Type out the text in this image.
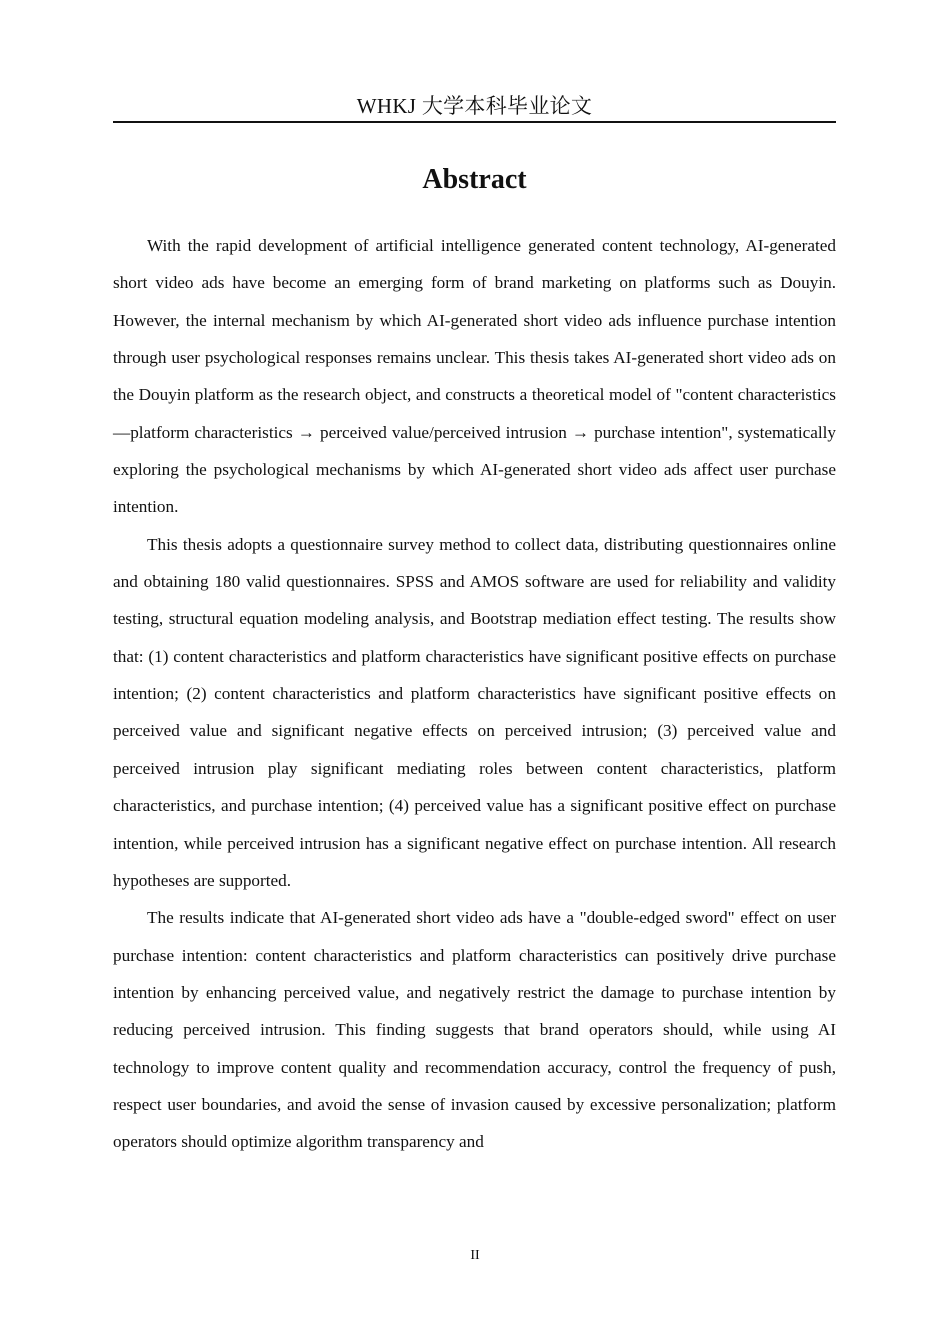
WHKJ 大学本科毕业论文
Abstract

With the rapid development of artificial intelligence generated content technology, AI-generated short video ads have become an emerging form of brand marketing on platforms such as Douyin. However, the internal mechanism by which AI-generated short video ads influence purchase intention through user psychological responses remains unclear. This thesis takes AI-generated short video ads on the Douyin platform as the research object, and constructs a theoretical model of "content characteristics—platform characteristics → perceived value/perceived intrusion → purchase intention", systematically exploring the psychological mechanisms by which AI-generated short video ads affect user purchase intention.

This thesis adopts a questionnaire survey method to collect data, distributing questionnaires online and obtaining 180 valid questionnaires. SPSS and AMOS software are used for reliability and validity testing, structural equation modeling analysis, and Bootstrap mediation effect testing. The results show that: (1) content characteristics and platform characteristics have significant positive effects on purchase intention; (2) content characteristics and platform characteristics have significant positive effects on perceived value and significant negative effects on perceived intrusion; (3) perceived value and perceived intrusion play significant mediating roles between content characteristics, platform characteristics, and purchase intention; (4) perceived value has a significant positive effect on purchase intention, while perceived intrusion has a significant negative effect on purchase intention. All research hypotheses are supported.

The results indicate that AI-generated short video ads have a "double-edged sword" effect on user purchase intention: content characteristics and platform characteristics can positively drive purchase intention by enhancing perceived value, and negatively restrict the damage to purchase intention by reducing perceived intrusion. This finding suggests that brand operators should, while using AI technology to improve content quality and recommendation accuracy, control the frequency of push, respect user boundaries, and avoid the sense of invasion caused by excessive personalization; platform operators should optimize algorithm transparency and

II
